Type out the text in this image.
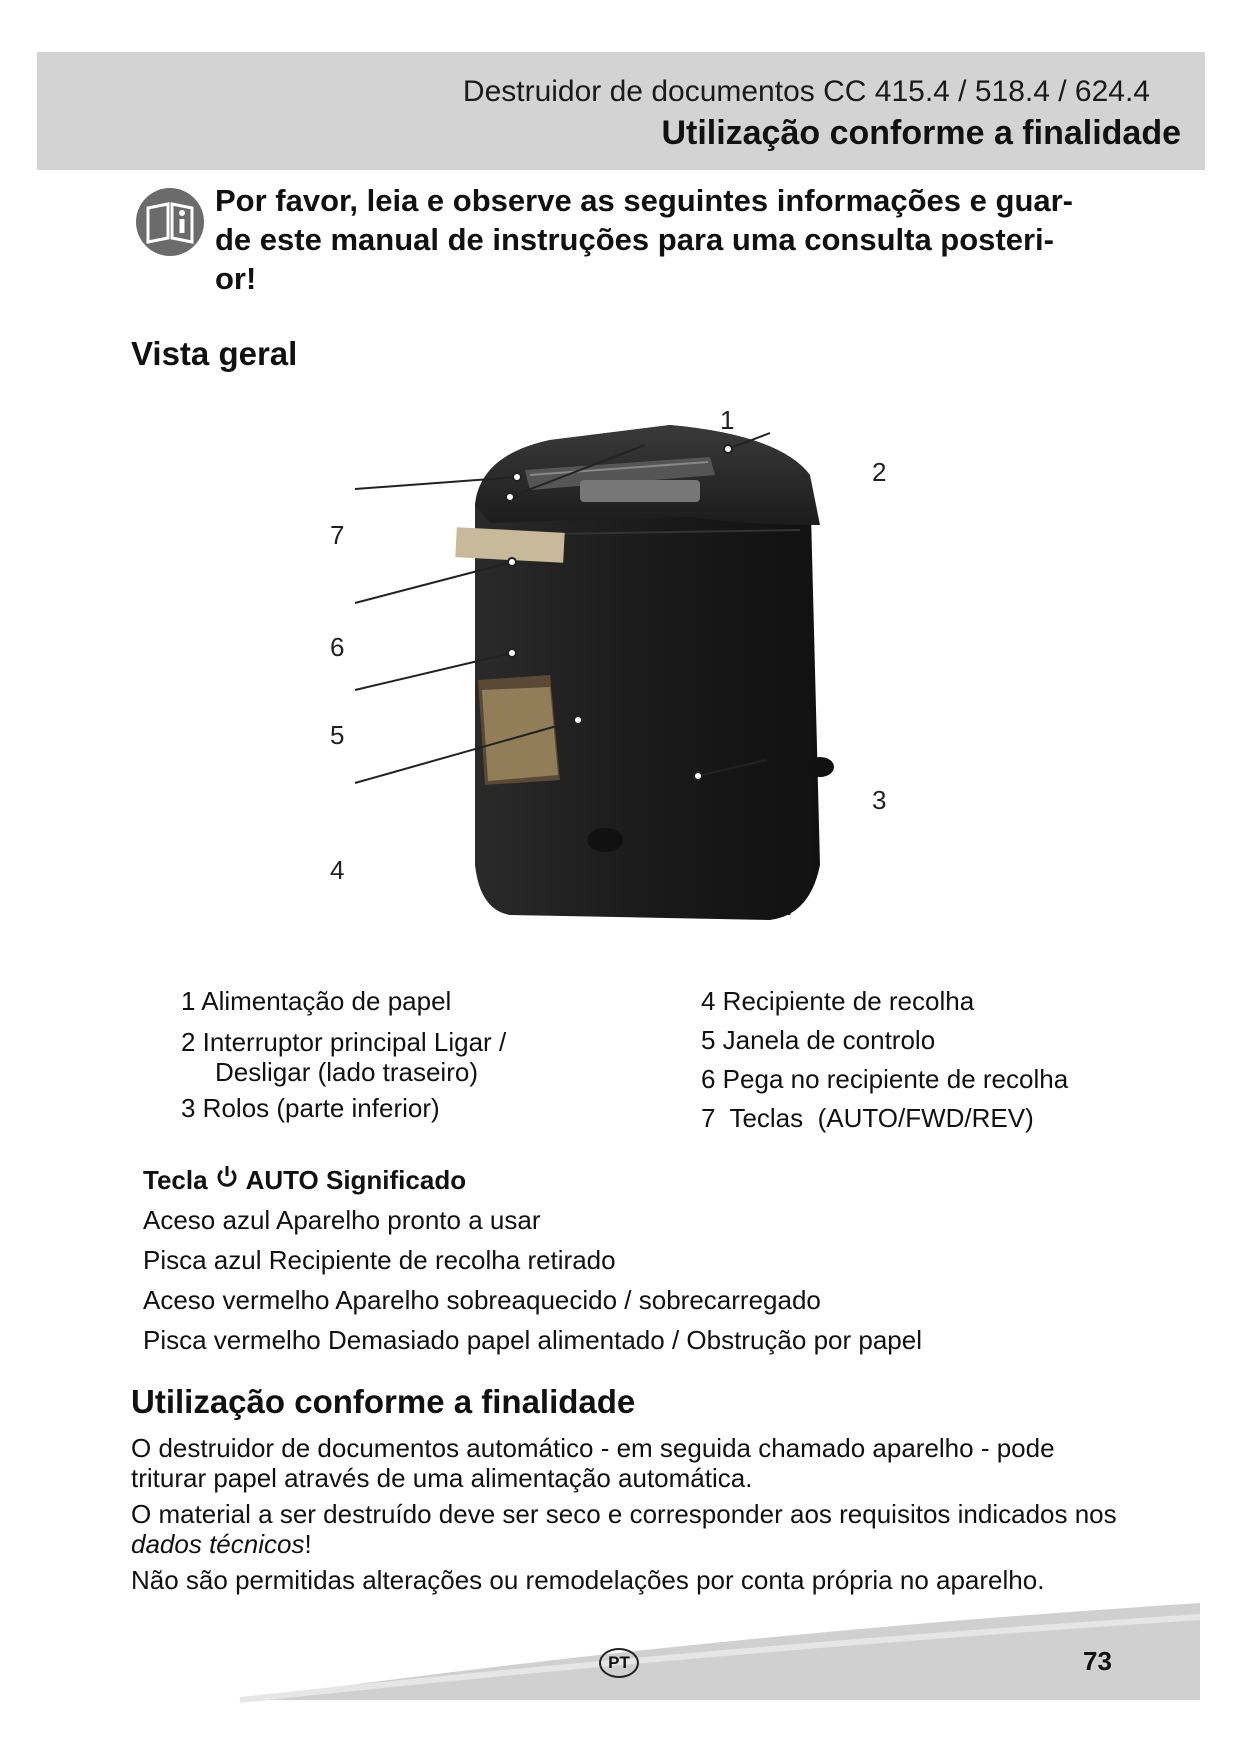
Destruidor de documentos CC 415.4 / 518.4 / 624.4
Utilização conforme a finalidade
Por favor, leia e observe as seguintes informações e guar-
de este manual de instruções para uma consulta posteri-
or!
Vista geral
1
2
3
4
5
6
7
1 Alimentação de papel
2 Interruptor principal Ligar /
Desligar (lado traseiro)
3 Rolos (parte inferior)
4 Recipiente de recolha
5 Janela de controlo
6 Pega no recipiente de recolha
7  Teclas  (AUTO/FWD/REV)
Tecla AUTO Significado
Aceso azul Aparelho pronto a usar
Pisca azul Recipiente de recolha retirado
Aceso vermelho Aparelho sobreaquecido / sobrecarregado
Pisca vermelho Demasiado papel alimentado / Obstrução por papel
Utilização conforme a finalidade

O destruidor de documentos automático - em seguida chamado aparelho - pode triturar papel através de uma alimentação automática.

O material a ser destruído deve ser seco e corresponder aos requisitos indicados nos dados técnicos!

Não são permitidas alterações ou remodelações por conta própria no aparelho.

PT	73
